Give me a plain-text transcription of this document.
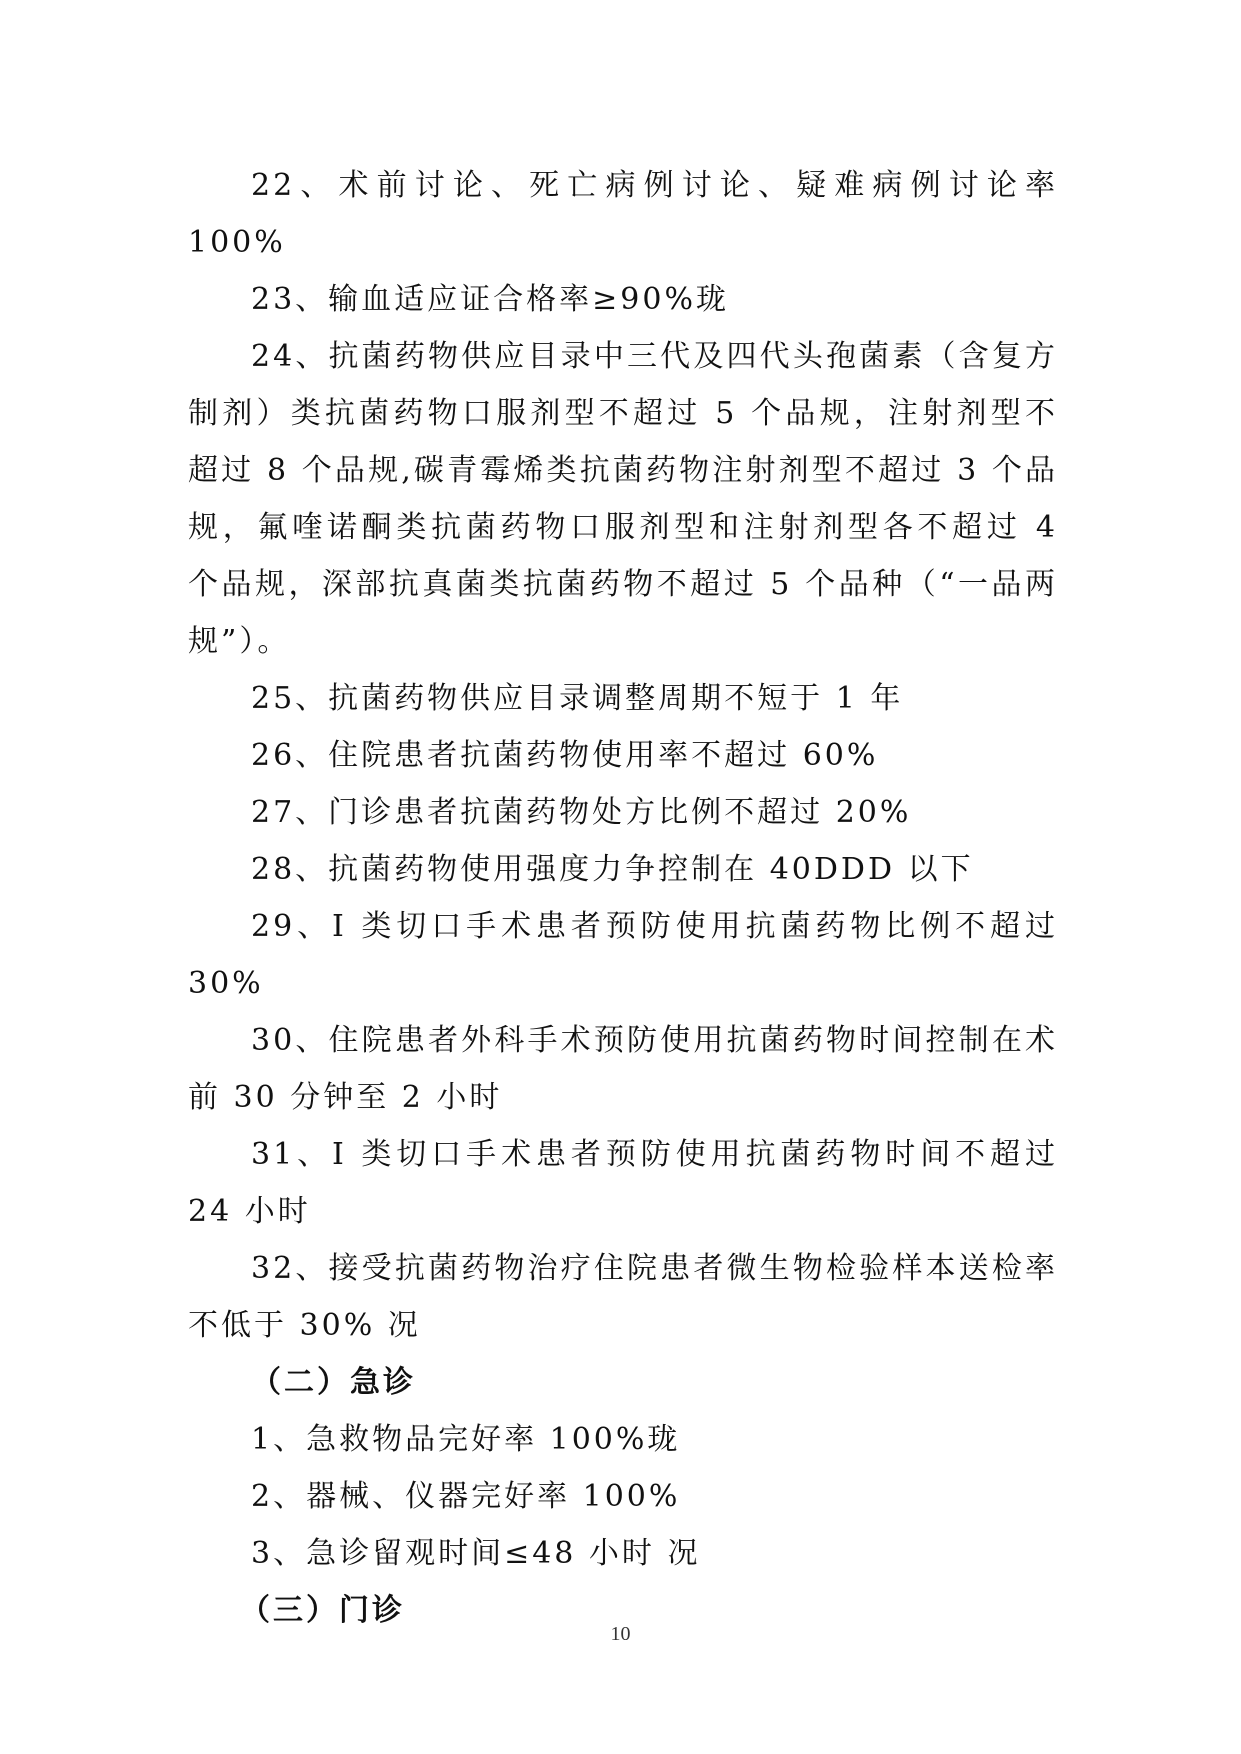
22、术前讨论、死亡病例讨论、疑难病例讨论率 100%

23、输血适应证合格率≥90%珑

24、抗菌药物供应目录中三代及四代头孢菌素（含复方制剂）类抗菌药物口服剂型不超过 5 个品规，注射剂型不超过 8 个品规,碳青霉烯类抗菌药物注射剂型不超过 3 个品规，氟喹诺酮类抗菌药物口服剂型和注射剂型各不超过 4 个品规，深部抗真菌类抗菌药物不超过 5 个品种（“一品两规”）。

25、抗菌药物供应目录调整周期不短于 1 年

26、住院患者抗菌药物使用率不超过 60%

27、门诊患者抗菌药物处方比例不超过 20%

28、抗菌药物使用强度力争控制在 40DDD 以下

29、I 类切口手术患者预防使用抗菌药物比例不超过 30%

30、住院患者外科手术预防使用抗菌药物时间控制在术前 30 分钟至 2 小时

31、I 类切口手术患者预防使用抗菌药物时间不超过 24 小时

32、接受抗菌药物治疗住院患者微生物检验样本送检率不低于 30% 况

（二）急诊

1、急救物品完好率 100%珑

2、器械、仪器完好率 100%

3、急诊留观时间≤48 小时 况

（三）门诊

10
